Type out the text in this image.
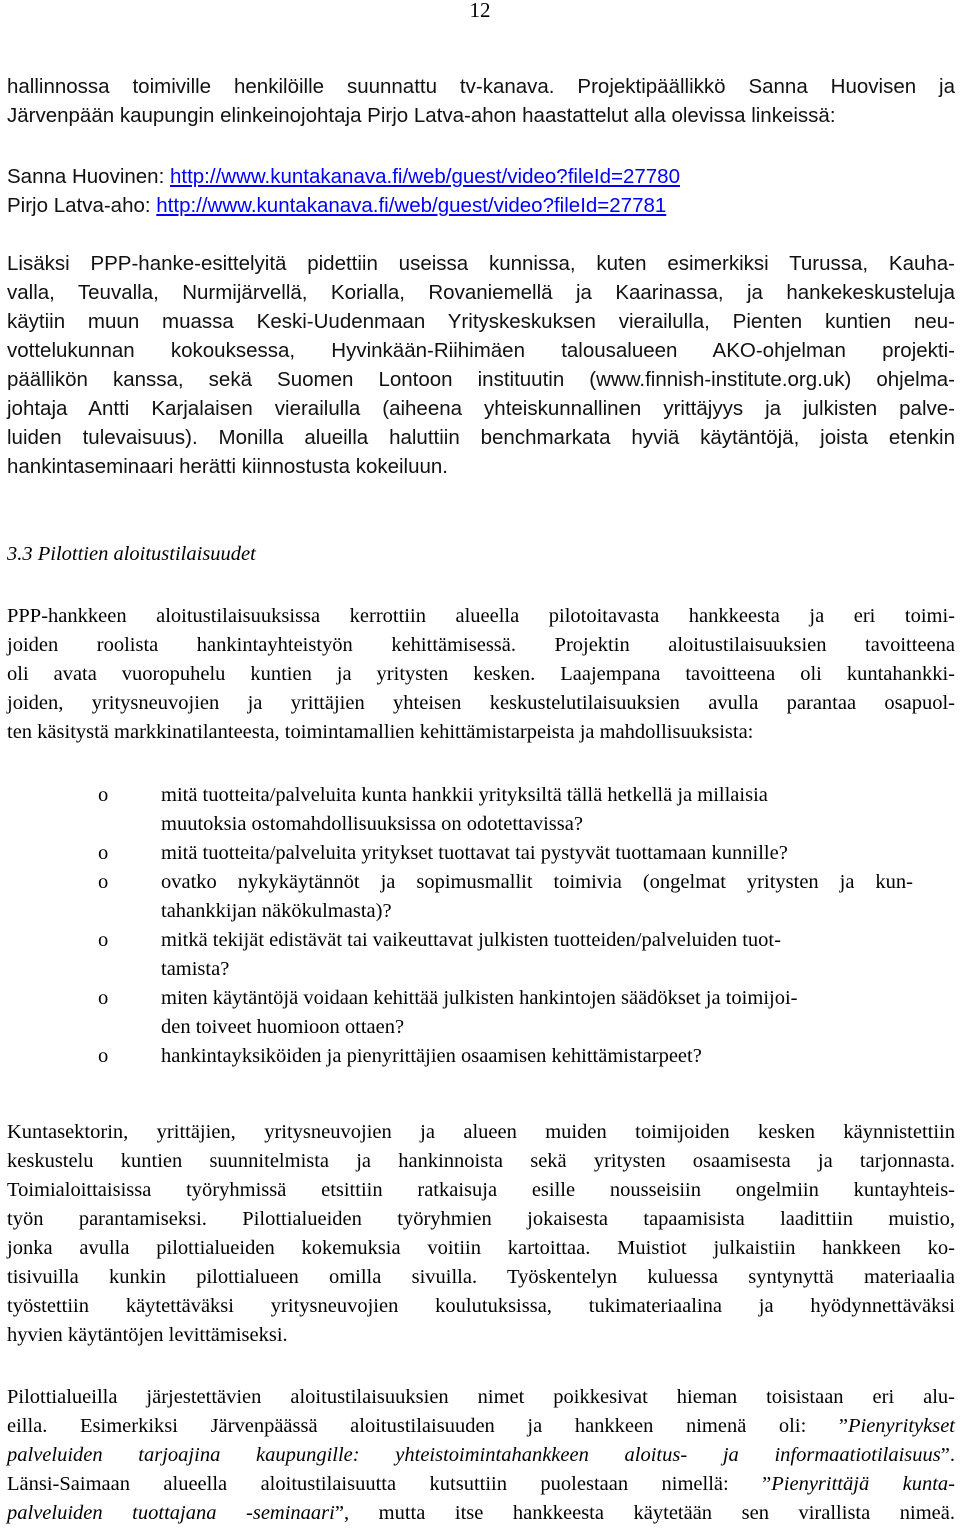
12
hallinnossa toimiville henkilöille suunnattu tv-kanava. Projektipäällikkö Sanna Huovisen ja
Järvenpään kaupungin elinkeinojohtaja Pirjo Latva-ahon haastattelut alla olevissa linkeissä:
Sanna Huovinen: http://www.kuntakanava.fi/web/guest/video?fileId=27780
Pirjo Latva-aho: http://www.kuntakanava.fi/web/guest/video?fileId=27781
Lisäksi PPP-hanke-esittelyitä pidettiin useissa kunnissa, kuten esimerkiksi Turussa, Kauha-
valla, Teuvalla, Nurmijärvellä, Korialla, Rovaniemellä ja Kaarinassa, ja hankekeskusteluja
käytiin muun muassa Keski-Uudenmaan Yrityskeskuksen vierailulla, Pienten kuntien neu-
vottelukunnan kokouksessa, Hyvinkään-Riihimäen talousalueen AKO-ohjelman projekti-
päällikön kanssa, sekä Suomen Lontoon instituutin (www.finnish-institute.org.uk) ohjelma-
johtaja Antti Karjalaisen vierailulla (aiheena yhteiskunnallinen yrittäjyys ja julkisten palve-
luiden tulevaisuus). Monilla alueilla haluttiin benchmarkata hyviä käytäntöjä, joista etenkin
hankintaseminaari herätti kiinnostusta kokeiluun.
3.3 Pilottien aloitustilaisuudet
PPP-hankkeen aloitustilaisuuksissa kerrottiin alueella pilotoitavasta hankkeesta ja eri toimi-
joiden roolista hankintayhteistyön kehittämisessä. Projektin aloitustilaisuuksien tavoitteena
oli avata vuoropuhelu kuntien ja yritysten kesken. Laajempana tavoitteena oli kuntahankki-
joiden, yritysneuvojien ja yrittäjien yhteisen keskustelutilaisuuksien avulla parantaa osapuol-
ten käsitystä markkinatilanteesta, toimintamallien kehittämistarpeista ja mahdollisuuksista:
o	mitä tuotteita/palveluita kunta hankkii yrityksiltä tällä hetkellä ja millaisia
muutoksia ostomahdollisuuksissa on odotettavissa?
o	mitä tuotteita/palveluita yritykset tuottavat tai pystyvät tuottamaan kunnille?
o	ovatko nykykäytännöt ja sopimusmallit toimivia (ongelmat yritysten ja kun-
tahankkijan näkökulmasta)?
o	mitkä tekijät edistävät tai vaikeuttavat julkisten tuotteiden/palveluiden tuot-
tamista?
o	miten käytäntöjä voidaan kehittää julkisten hankintojen säädökset ja toimijoi-
den toiveet huomioon ottaen?
o	hankintayksiköiden ja pienyrittäjien osaamisen kehittämistarpeet?
Kuntasektorin, yrittäjien, yritysneuvojien ja alueen muiden toimijoiden kesken käynnistettiin
keskustelu kuntien suunnitelmista ja hankinnoista sekä yritysten osaamisesta ja tarjonnasta.
Toimialoittaisissa työryhmissä etsittiin ratkaisuja esille nousseisiin ongelmiin kuntayhteis-
työn parantamiseksi. Pilottialueiden työryhmien jokaisesta tapaamisista laadittiin muistio,
jonka avulla pilottialueiden kokemuksia voitiin kartoittaa. Muistiot julkaistiin hankkeen ko-
tisivuilla kunkin pilottialueen omilla sivuilla. Työskentelyn kuluessa syntynyttä materiaalia
työstettiin käytettäväksi yritysneuvojien koulutuksissa, tukimateriaalina ja hyödynnettäväksi
hyvien käytäntöjen levittämiseksi.
Pilottialueilla järjestettävien aloitustilaisuuksien nimet poikkesivat hieman toisistaan eri alu-
eilla. Esimerkiksi Järvenpäässä aloitustilaisuuden ja hankkeen nimenä oli: ”Pienyritykset
palveluiden tarjoajina kaupungille: yhteistoimintahankkeen aloitus- ja informaatiotilaisuus”.
Länsi-Saimaan alueella aloitustilaisuutta kutsuttiin puolestaan nimellä: ”Pienyrittäjä kunta-
palveluiden tuottajana -seminaari”, mutta itse hankkeesta käytetään sen virallista nimeä.
